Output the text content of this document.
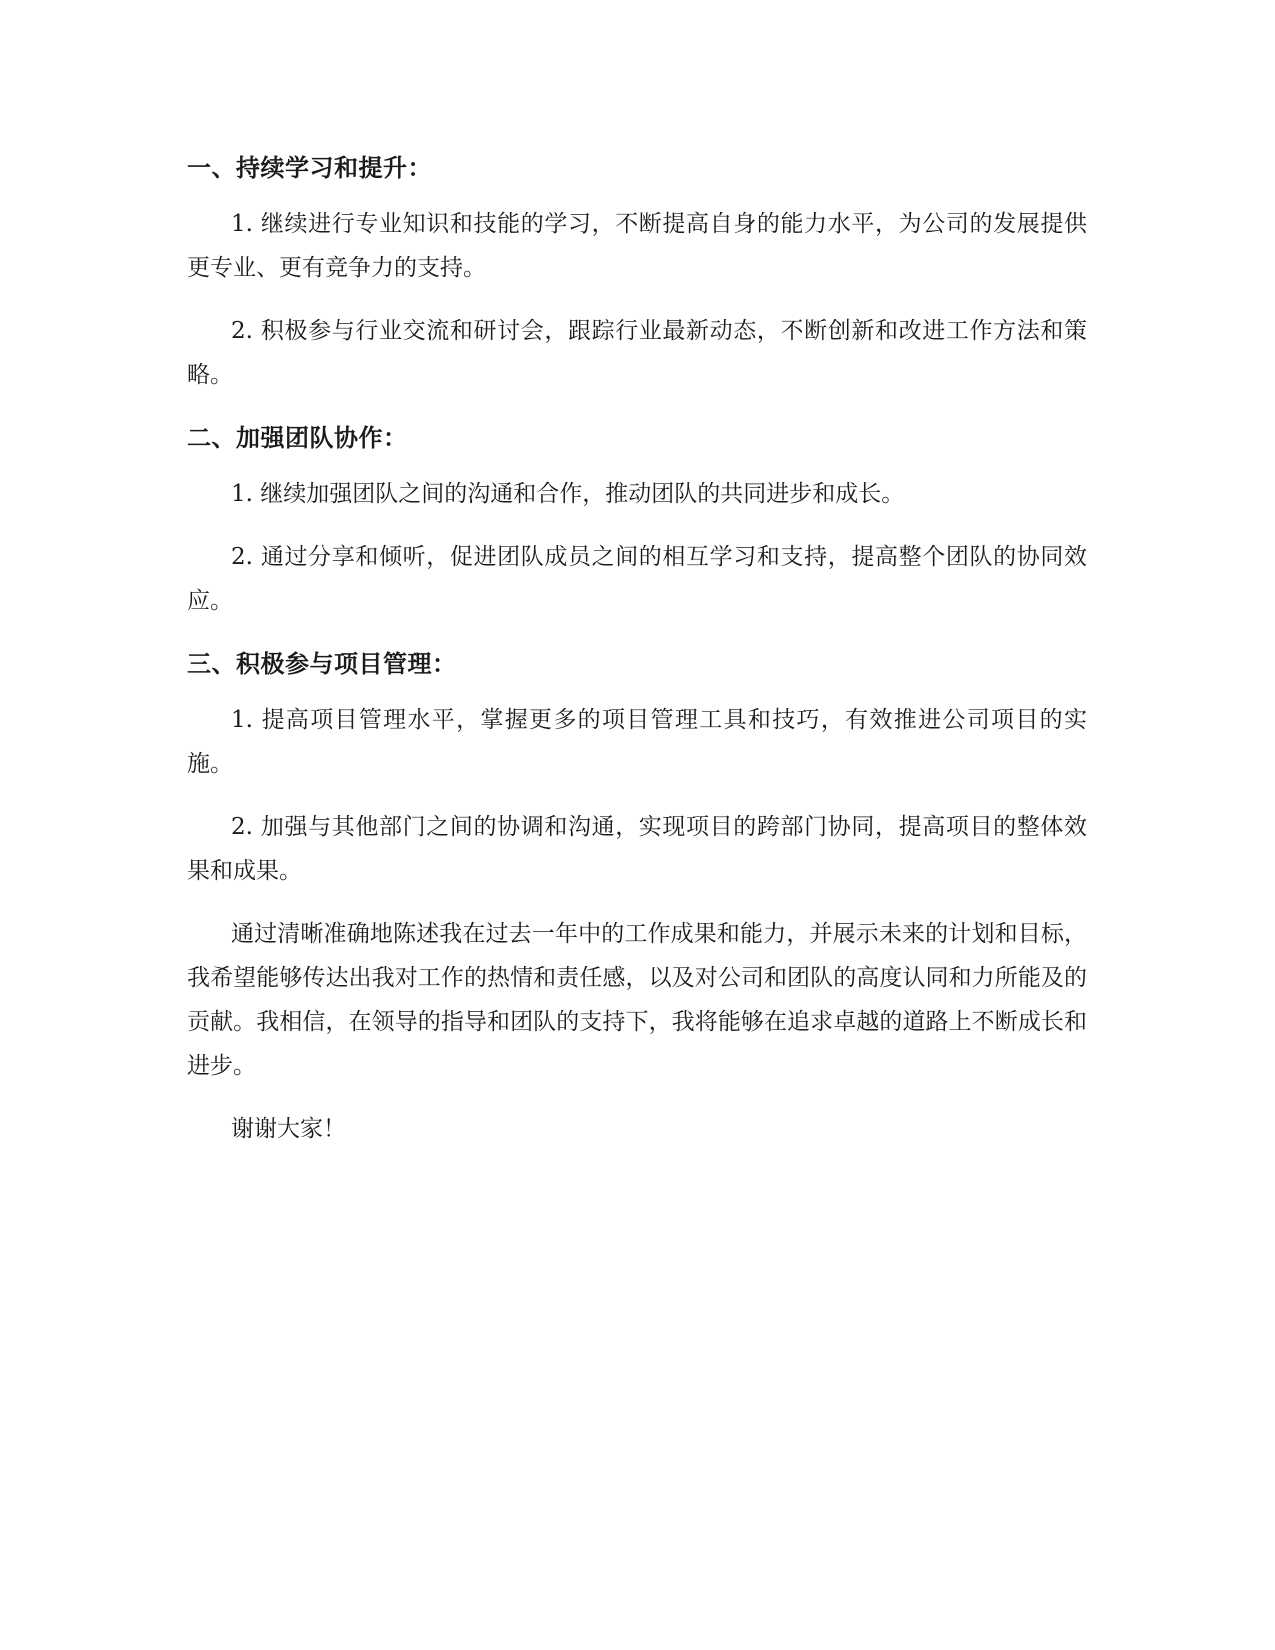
一、持续学习和提升：

1. 继续进行专业知识和技能的学习，不断提高自身的能力水平，为公司的发展提供更专业、更有竞争力的支持。

2. 积极参与行业交流和研讨会，跟踪行业最新动态，不断创新和改进工作方法和策略。

二、加强团队协作：

1. 继续加强团队之间的沟通和合作，推动团队的共同进步和成长。

2. 通过分享和倾听，促进团队成员之间的相互学习和支持，提高整个团队的协同效应。

三、积极参与项目管理：

1. 提高项目管理水平，掌握更多的项目管理工具和技巧，有效推进公司项目的实施。

2. 加强与其他部门之间的协调和沟通，实现项目的跨部门协同，提高项目的整体效果和成果。

通过清晰准确地陈述我在过去一年中的工作成果和能力，并展示未来的计划和目标，我希望能够传达出我对工作的热情和责任感，以及对公司和团队的高度认同和力所能及的贡献。我相信，在领导的指导和团队的支持下，我将能够在追求卓越的道路上不断成长和进步。

谢谢大家！
